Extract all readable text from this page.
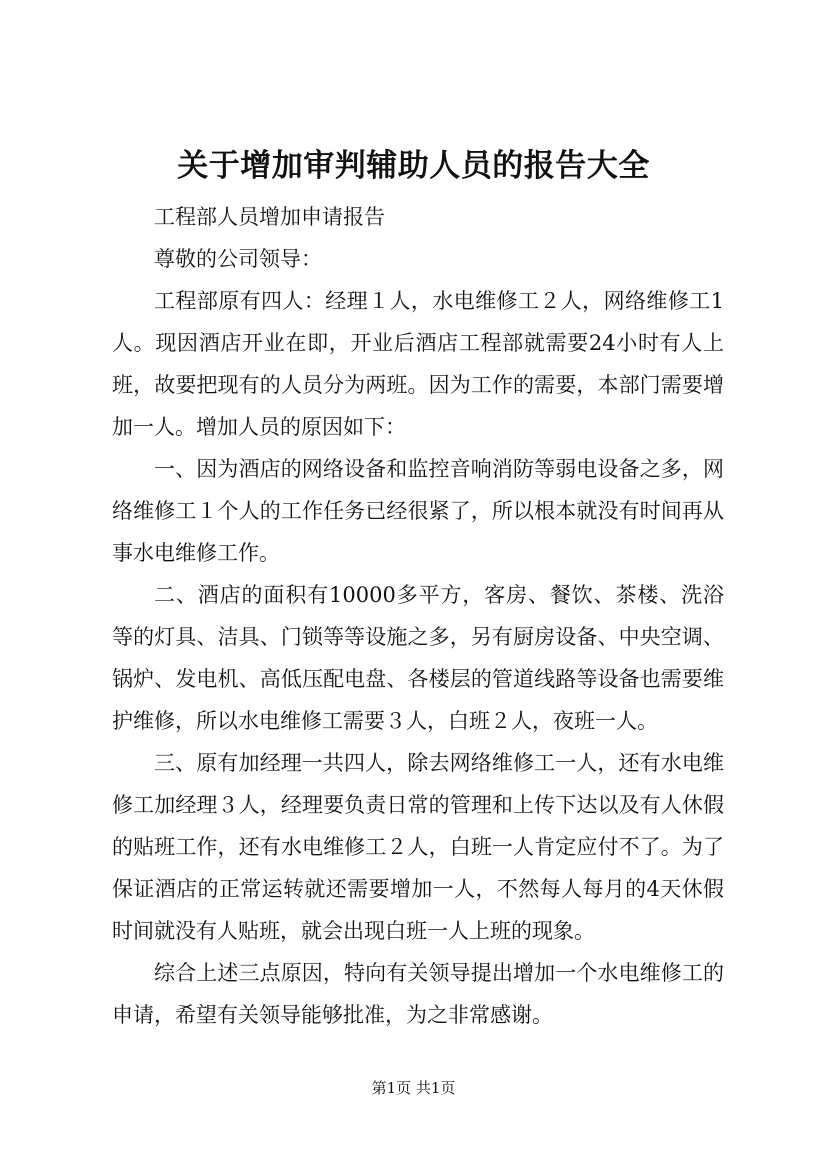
关于增加审判辅助人员的报告大全

工程部人员增加申请报告

尊敬的公司领导：

工程部原有四人：经理１人，水电维修工２人，网络维修工1人。现因酒店开业在即，开业后酒店工程部就需要24小时有人上班，故要把现有的人员分为两班。因为工作的需要，本部门需要增加一人。增加人员的原因如下：

一、因为酒店的网络设备和监控音响消防等弱电设备之多，网络维修工１个人的工作任务已经很紧了，所以根本就没有时间再从事水电维修工作。

二、酒店的面积有10000多平方，客房、餐饮、茶楼、洗浴等的灯具、洁具、门锁等等设施之多，另有厨房设备、中央空调、锅炉、发电机、高低压配电盘、各楼层的管道线路等设备也需要维护维修，所以水电维修工需要３人，白班２人，夜班一人。

三、原有加经理一共四人，除去网络维修工一人，还有水电维修工加经理３人，经理要负责日常的管理和上传下达以及有人休假的贴班工作，还有水电维修工２人，白班一人肯定应付不了。为了保证酒店的正常运转就还需要增加一人，不然每人每月的4天休假时间就没有人贴班，就会出现白班一人上班的现象。

综合上述三点原因，特向有关领导提出增加一个水电维修工的申请，希望有关领导能够批准，为之非常感谢。

第1页 共1页
